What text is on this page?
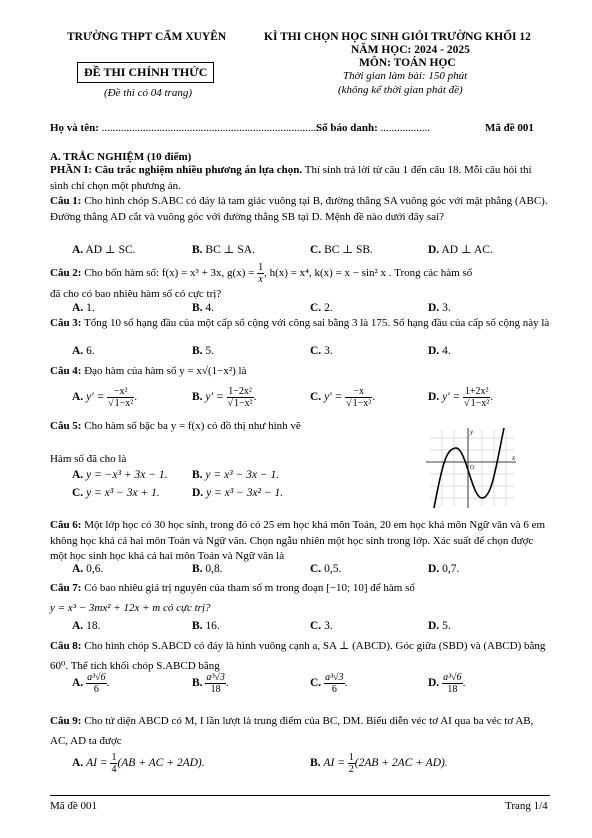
TRƯỜNG THPT CẨM XUYÊN	KÌ THI CHỌN HỌC SINH GIỎI TRƯỜNG KHỐI 12
NĂM HỌC: 2024 - 2025
MÔN: TOÁN HỌC
ĐỀ THI CHÍNH THỨC	Thời gian làm bài: 150 phút
(Đề thi có 04 trang)	(không kể thời gian phát đề)
Họ và tên: ...............................................................................
Số báo danh: ..................	Mã đề 001
A. TRẮC NGHIỆM (10 điểm)
PHẦN I: Câu trắc nghiệm nhiều phương án lựa chọn. Thí sinh trả lời từ câu 1 đến câu 18. Mỗi câu hỏi thí sinh chỉ chọn một phương án.
Câu 1: Cho hình chóp S.ABC có đáy là tam giác vuông tại B, đường thẳng SA vuông góc với mặt phẳng (ABC). Đường thẳng AD cắt và vuông góc với đường thẳng SB tại D. Mệnh đề nào dưới đây sai?
A. AD ⊥ SC.	B. BC ⊥ SA.	C. BC ⊥ SB.	D. AD ⊥ AC.
Câu 2: Cho bốn hàm số: f(x) = x³ + 3x, $g(x) = \frac{1}{x}$ , h(x) = x⁴, k(x) = x − sin² x . Trong các hàm số
đã cho có bao nhiêu hàm số có cực trị?
A. 1.	B. 4.	C. 2.	D. 3.
Câu 3: Tổng 10 số hạng đầu của một cấp số cộng với công sai bằng 3 là 175. Số hạng đầu của cấp số cộng này là
A. 6.	B. 5.	C. 3.	D. 4.
Câu 4: Đạo hàm của hàm số y = x√(1−x²) là
A. $y' = \frac{\text{−x²}}{\text{√1−x²}}$ .	B. $y' = \frac{\text{1−2x²}}{\text{√1−x²}}$ .	C. $y' = \frac{-x}{\text{√1−x²}}$ .	D. $y' = \frac{\text{1+2x²}}{\text{√1−x²}}$ .
Câu 5: Cho hàm số bậc ba y = f(x) có đồ thị như hình vẽ
Hàm số đã cho là
A. y = −x³ + 3x − 1. B. y = x³ − 3x − 1.
C. y = x³ − 3x + 1.	D. y = x³ − 3x² − 1.
y
x
O
Câu 6: Một lớp học có 30 học sinh, trong đó có 25 em học khá môn Toán, 20 em học khá môn Ngữ văn và 6 em không học khá cả hai môn Toán và Ngữ văn. Chọn ngẫu nhiên một học sinh trong lớp. Xác suất để chọn được một học sinh học khá cả hai môn Toán và Ngữ văn là
A. 0,6.	B. 0,8.	C. 0,5.	D. 0,7.
Câu 7: Có bao nhiêu giá trị nguyên của tham số m trong đoạn [−10; 10] để hàm số
y = x³ − 3mx² + 12x + m có cực trị?
A. 18.	B. 16.	C. 3.	D. 5.
Câu 8: Cho hình chóp S.ABCD có đáy là hình vuông cạnh a, SA ⊥ (ABCD). Góc giữa (SBD) và (ABCD) bằng 60⁰. Thể tích khối chóp S.ABCD bằng
A. $\frac{\text{a³√6}}{6}$ .	B. $\frac{\text{a³√3}}{18}$ .	C. $\frac{\text{a³√3}}{6}$ .	D. $\frac{\text{a³√6}}{18}$ .
Câu 9: Cho tứ diện ABCD có M, I lần lượt là trung điểm của BC, DM. Biểu diễn véc tơ AI qua ba véc tơ AB, AC, AD ta được
A. AI = $\frac{1}{4} (AB$ + AC + 2AD).	B. AI = $\frac{1}{2} (2AB + 2AC + AD)$.
Mã đề 001	Trang 1/4
